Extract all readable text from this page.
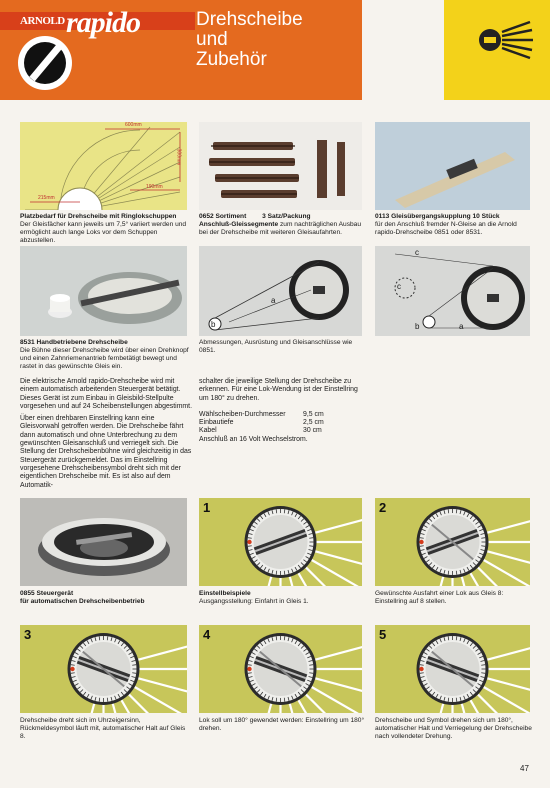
ARNOLD rapido	Drehscheibe
und
Zubehör
600mm
300mm
215mm
190mm
Platzbedarf für Drehscheibe mit Ringlokschuppen
Der Gleisfächer kann jeweils um 7,5° variiert werden und ermöglicht auch lange Loks vor dem Schuppen abzustellen.
0652 Sortiment 3 Satz/Packung
Anschluß-Gleissegmente zum nachträglichen Ausbau bei der Drehscheibe mit weiteren Gleisaufahrten.
0113 Gleisübergangskupplung 10 Stück
für den Anschluß fremder N-Gleise an die Arnold rapido-Drehscheibe 0851 oder 8531.
8531 Handbetriebene Drehscheibe
Die Bühne dieser Drehscheibe wird über einen Drehknopf und einen Zahnriemenantrieb fernbetätigt bewegt und rastet in das gewünschte Gleis ein.
a
b
Abmessungen, Ausrüstung und Gleisanschlüsse wie 0851.
c
c
b	a

Die elektrische Arnold rapido-Drehscheibe wird mit einem automatisch arbeitenden Steuergerät betätigt. Dieses Gerät ist zum Einbau in Gleisbild-Stellpulte vorgesehen und auf 24 Scheibenstellungen abgestimmt.

Über einen drehbaren Einstellring kann eine Gleisvorwahl getroffen werden. Die Drehscheibe fährt dann automatisch und ohne Unterbrechung zu dem gewünschten Gleisanschluß und verriegelt sich. Die Stellung der Drehscheibenbühne wird gleichzeitig in das Steuergerät zurückgemeldet. Das im Einstellring vorgesehene Drehscheibensymbol dreht sich mit der eigentlichen Drehscheibe mit. Es ist also auf dem Automatik-

schalter die jeweilige Stellung der Drehscheibe zu erkennen. Für eine Lok-Wendung ist der Einstellring um 180° zu drehen.

Wählscheiben-Durchmesser	9,5 cm
Einbautiefe	2,5 cm
Kabel	30 cm
Anschluß an 16 Volt Wechselstrom.
0855 Steuergerät
für automatischen Drehscheibenbetrieb
1
Einstellbeispiele
Ausgangsstellung: Einfahrt in Gleis 1.
2
Gewünschte Ausfahrt einer Lok aus Gleis 8: Einstellring auf 8 stellen.
3
Drehscheibe dreht sich im Uhrzeigersinn, Rückmeldesymbol läuft mit, automatischer Halt auf Gleis 8.
4
Lok soll um 180° gewendet werden: Einstellring um 180° drehen.
5
Drehscheibe und Symbol drehen sich um 180°, automatischer Halt und Verriegelung der Drehscheibe nach vollendeter Drehung.
47
